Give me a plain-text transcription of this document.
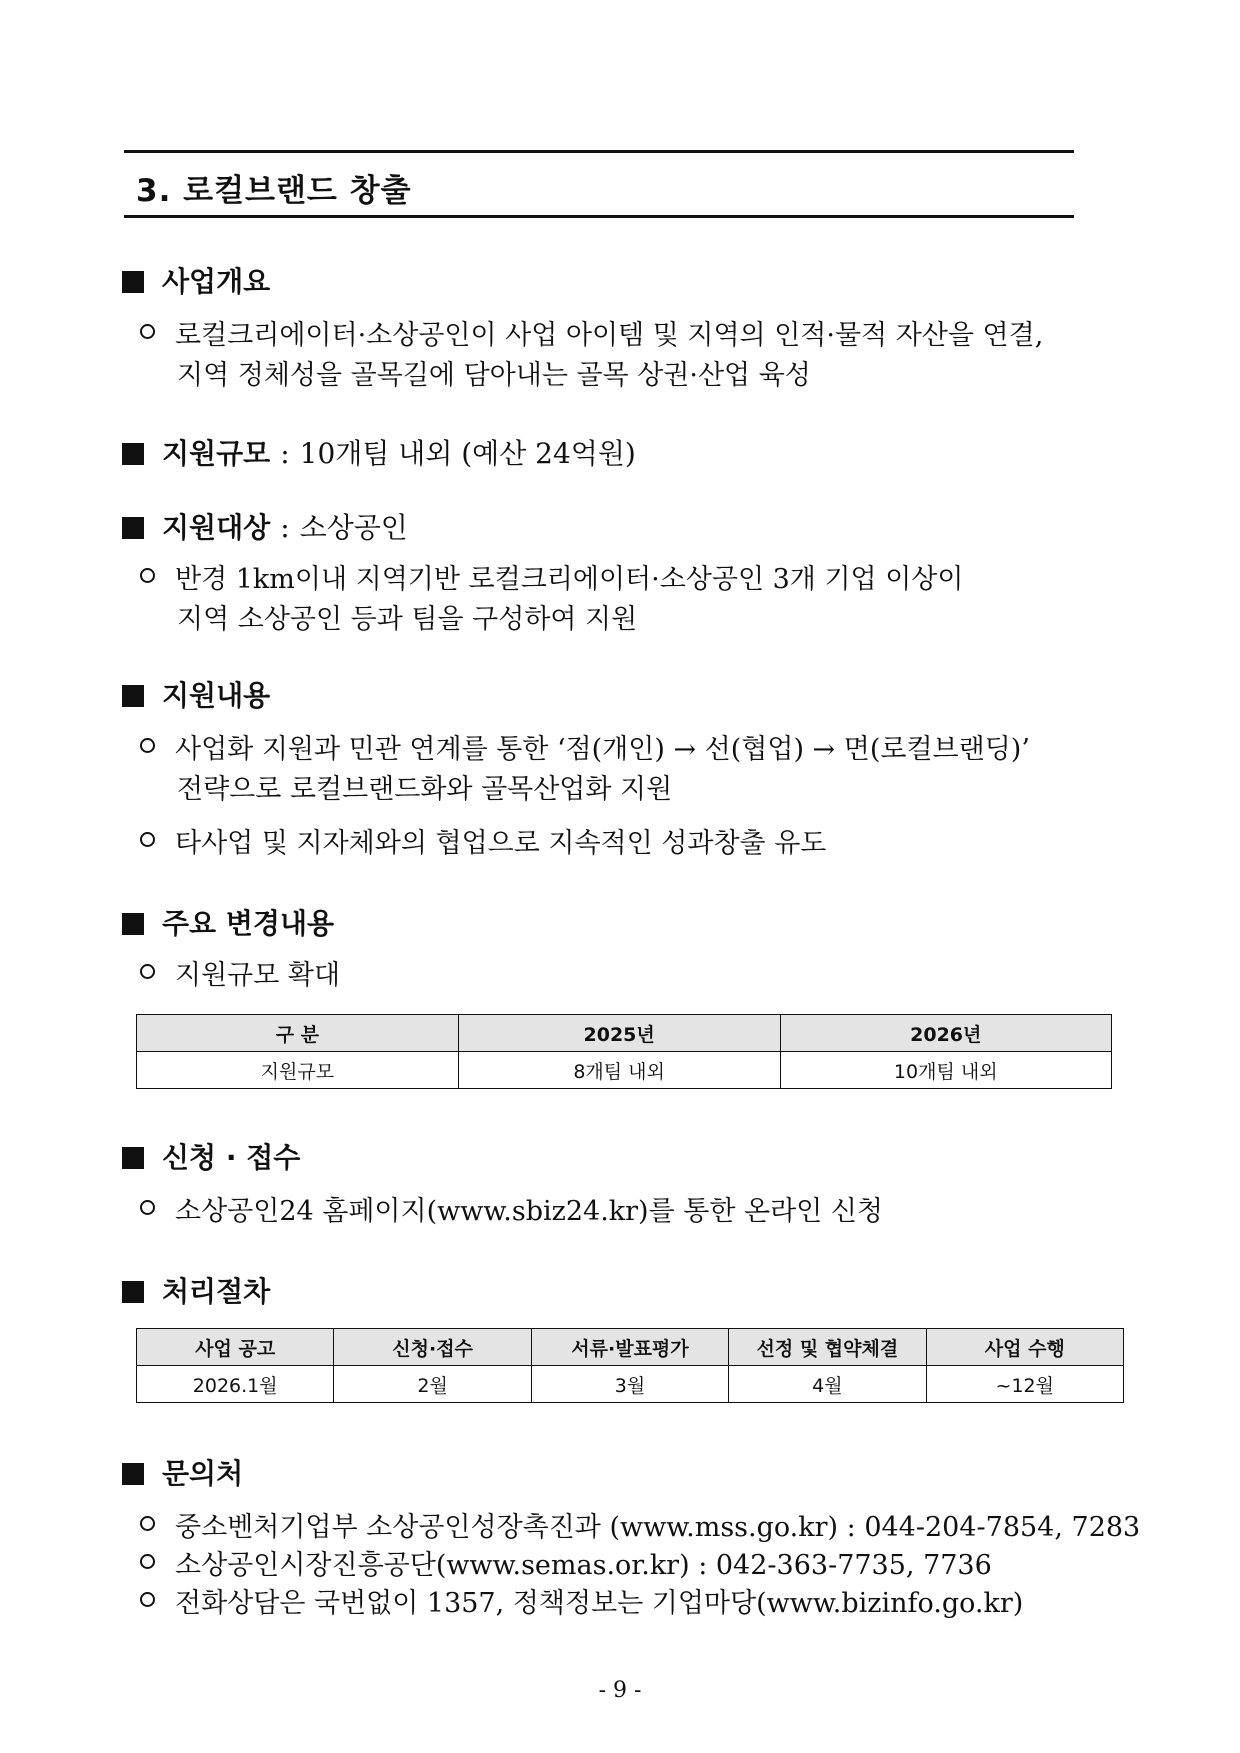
3. 로컬브랜드 창출
사업개요
로컬크리에이터·소상공인이 사업 아이템 및 지역의 인적·물적 자산을 연결,
지역 정체성을 골목길에 담아내는 골목 상권·산업 육성
지원규모 : 10개팀 내외 (예산 24억원)
지원대상 : 소상공인
반경 1km이내 지역기반 로컬크리에이터·소상공인 3개 기업 이상이
지역 소상공인 등과 팀을 구성하여 지원
지원내용
사업화 지원과 민관 연계를 통한 ‘점(개인) → 선(협업) → 면(로컬브랜딩)’
전략으로 로컬브랜드화와 골목산업화 지원
타사업 및 지자체와의 협업으로 지속적인 성과창출 유도
주요 변경내용
지원규모 확대
구 분	2025년	2026년
지원규모	8개팀 내외	10개팀 내외
신청 · 접수
소상공인24 홈페이지(www.sbiz24.kr)를 통한 온라인 신청
처리절차
사업 공고	신청·접수	서류·발표평가	선정 및 협약체결	사업 수행
2026.1월	2월	3월	4월	~12월
문의처
중소벤처기업부 소상공인성장촉진과 (www.mss.go.kr) : 044-204-7854, 7283
소상공인시장진흥공단(www.semas.or.kr) : 042-363-7735, 7736
전화상담은 국번없이 1357, 정책정보는 기업마당(www.bizinfo.go.kr)
- 9 -
